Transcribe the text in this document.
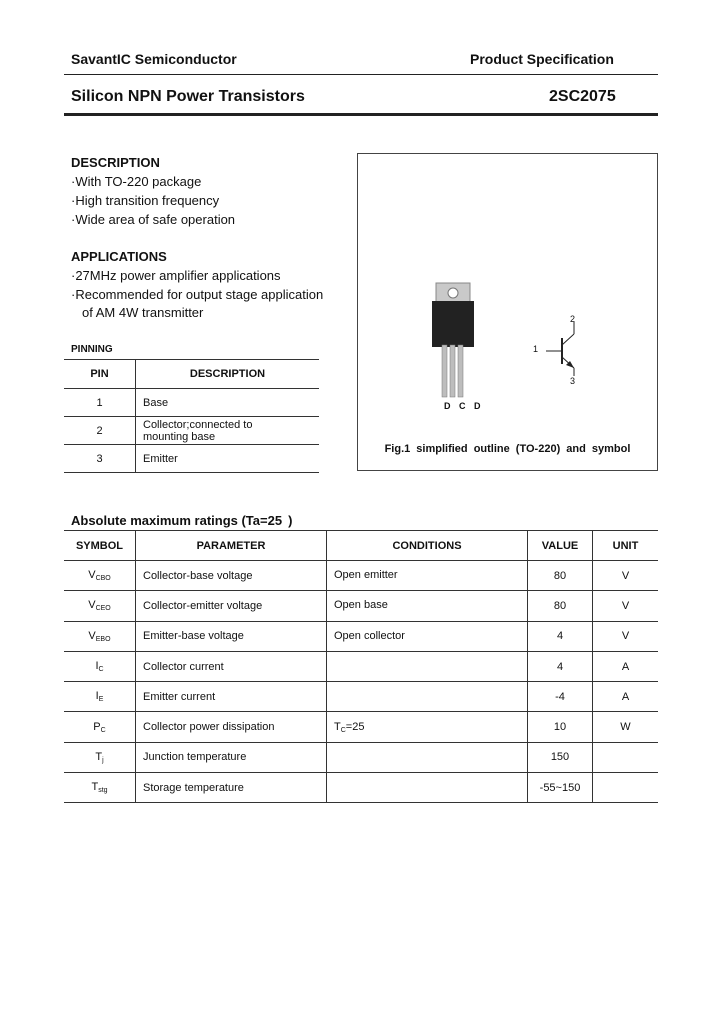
SavantIC Semiconductor	Product Specification
Silicon NPN Power Transistors	2SC2075
DESCRIPTION
·With TO-220 package
·High transition frequency
·Wide area of safe operation
APPLICATIONS
·27MHz power amplifier applications
·Recommended for output stage application
of AM 4W transmitter
PINNING
PIN	DESCRIPTION
1	Base
2	Collector;connected to
mounting base

3	Emitter
D C D
1
2
3
Fig.1 simplified outline (TO-220) and symbol
Absolute maximum ratings (Ta=25 )
SYMBOL	PARAMETER	CONDITIONS	VALUE	UNIT
$V_{CBO}$	Collector-base voltage	Open emitter	80	V
$V_{CEO}$	Collector-emitter voltage	Open base	80	V
$V_{EBO}$	Emitter-base voltage	Open collector	4	V
$I_C$	Collector current		4	A
$I_E$	Emitter current		-4	A
$P_C$	Collector power dissipation	$T_C=25$	10	W
$T_j$	Junction temperature		150	
$T_{stg}$	Storage temperature		-55~150	
